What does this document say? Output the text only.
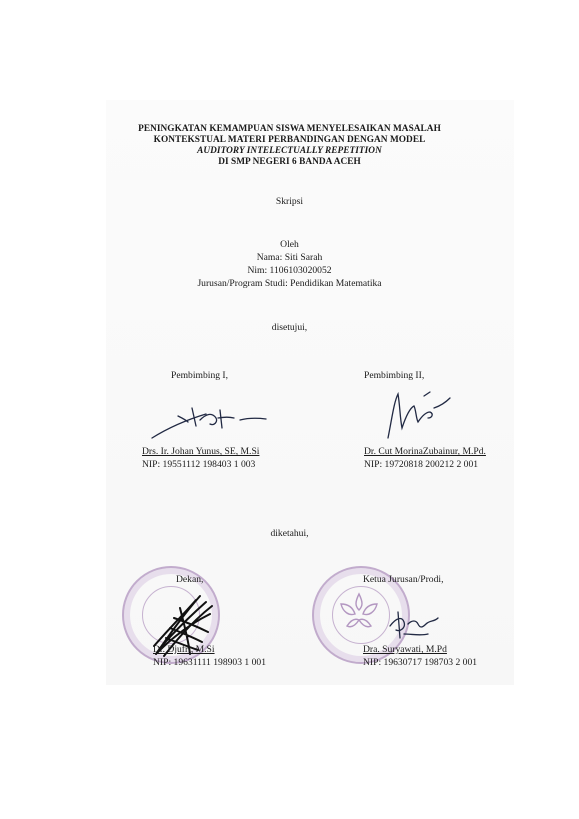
PENINGKATAN KEMAMPUAN SISWA MENYELESAIKAN MASALAH
KONTEKSTUAL MATERI PERBANDINGAN DENGAN MODEL
AUDITORY INTELECTUALLY REPETITION
DI SMP NEGERI 6 BANDA ACEH
Skripsi
Oleh
Nama: Siti Sarah
Nim: 1106103020052
Jurusan/Program Studi: Pendidikan Matematika
disetujui,
Pembimbing I,	Pembimbing II,
Drs. Ir. Johan Yunus, SE, M.Si
NIP: 19551112 198403 1 003
Dr. Cut MorinaZubainur, M.Pd.
NIP: 19720818 200212 2 001
diketahui,
Dekan,	Ketua Jurusan/Prodi,
Dr. Djufri, M.Si
NIP: 19631111 198903 1 001
Dra. Suryawati, M.Pd
NIP: 19630717 198703 2 001
